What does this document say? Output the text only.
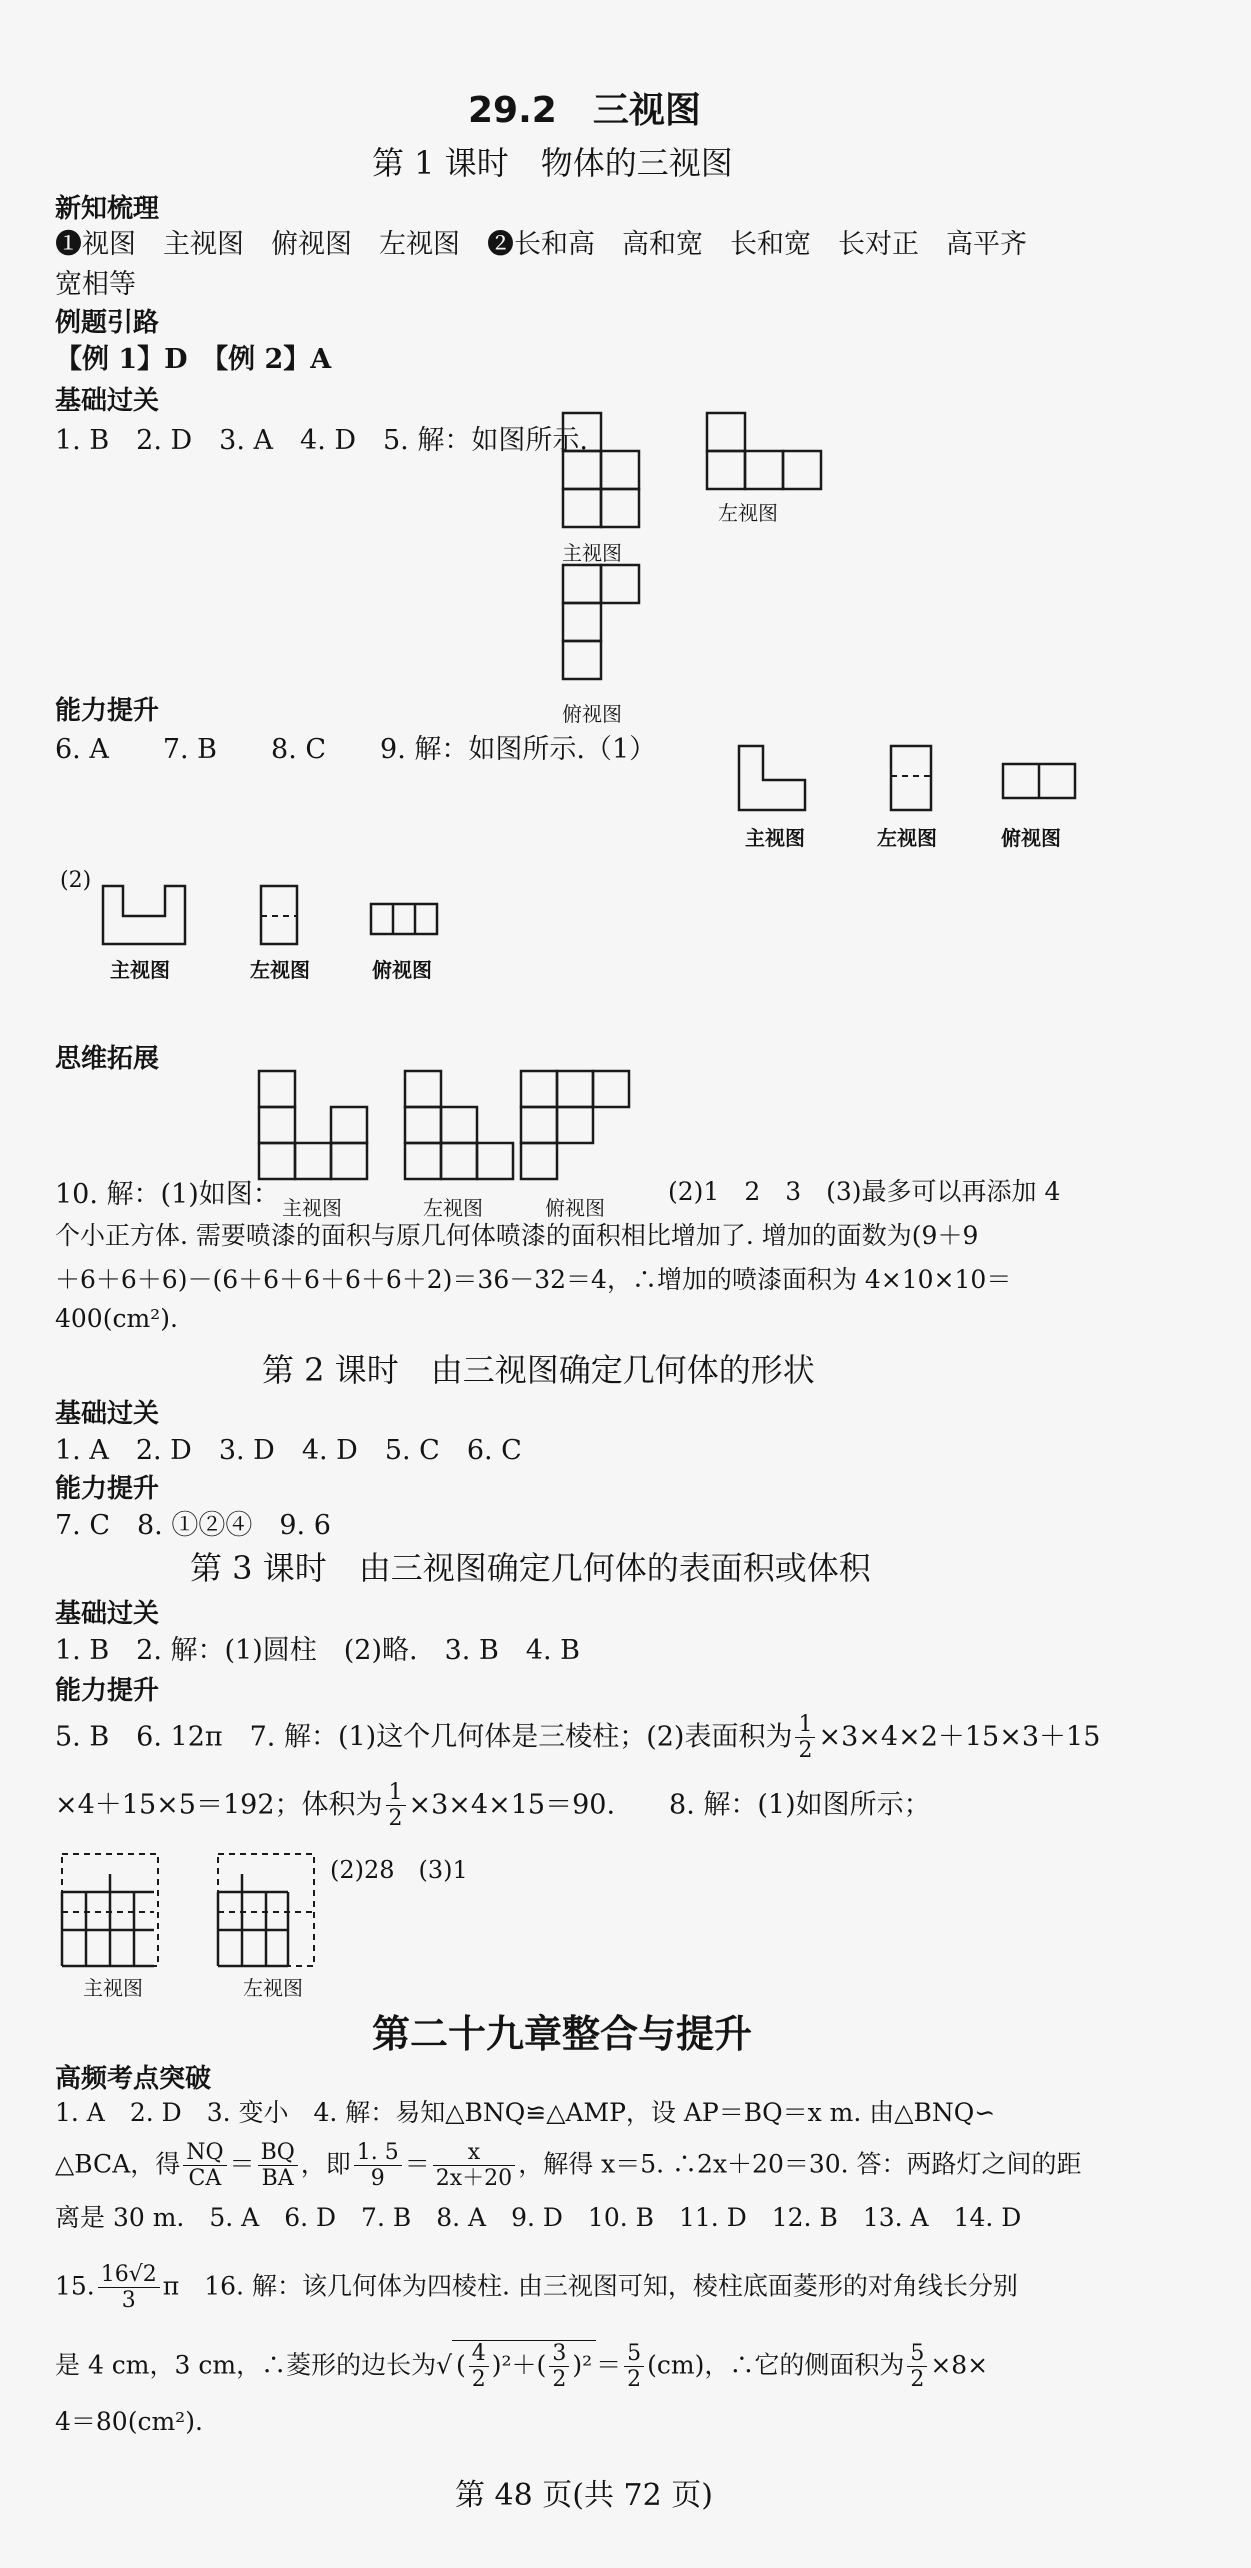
29.2　三视图
第 1 课时　物体的三视图
新知梳理
❶视图　主视图　俯视图　左视图　❷长和高　高和宽　长和宽　长对正　高平齐
宽相等
例题引路
【例 1】D　【例 2】A
基础过关
1. B　2. D　3. A　4. D　5. 解：如图所示.
主视图
左视图
俯视图
能力提升
6. A　　7. B　　8. C　　9. 解：如图所示.（1）
主视图	左视图	俯视图
(2)
主视图	左视图	俯视图
思维拓展
10. 解：(1)如图： 主视图	左视图	俯视图
(2)1　2　3　(3)最多可以再添加 4
个小正方体. 需要喷漆的面积与原几何体喷漆的面积相比增加了. 增加的面数为(9＋9
＋6＋6＋6)－(6＋6＋6＋6＋6＋2)＝36－32＝4，∴增加的喷漆面积为 4×10×10＝
400(cm²).
第 2 课时　由三视图确定几何体的形状
基础过关
1. A　2. D　3. D　4. D　5. C　6. C
能力提升
7. C　8. ①②④　9. 6
第 3 课时　由三视图确定几何体的表面积或体积
基础过关
1. B　2. 解：(1)圆柱　(2)略.　3. B　4. B
能力提升
5. B　6. 12π　7. 解：(1)这个几何体是三棱柱；(2)表面积为 $\frac{1}{2} \times 3\times 4\times 2+15\times 3+15$
×4＋15×5＝192；体积为 $\frac{1}{2} \times 3\times 4\times 15=90$.　　8. 解：(1)如图所示；
(2)28　(3)1
主视图	左视图
第二十九章整合与提升
高频考点突破
1. A　2. D　3. 变小　4. 解：易知△BNQ≌△AMP，设 AP＝BQ＝x m. 由△BNQ∽
△BCA，得 $\frac{NQ}{CA} = \frac{BQ}{BA}$ ，即 $\frac{1. 5}{9} = \frac{x}{2x+20}$ ，解得 x＝5. ∴2x＋20＝30. 答：两路灯之间的距
离是 30 m.　5. A　6. D　7. B　8. A　9. D　10. B　11. D　12. B　13. A　14. D
15. $\frac{16√2}{3}$ π　 16. 解：该几何体为四棱柱. 由三视图可知，棱柱底面菱形的对角线长分别
是 4 cm，3 cm，∴菱形的边长为√ ( $\frac{4}{2} )^2+( \frac{3}{2} )^2 = \frac{5}{2} (cm)$，∴它的侧面积为 $\frac{5}{2} \times 8\times$
4＝80(cm²).
第 48 页(共 72 页)
